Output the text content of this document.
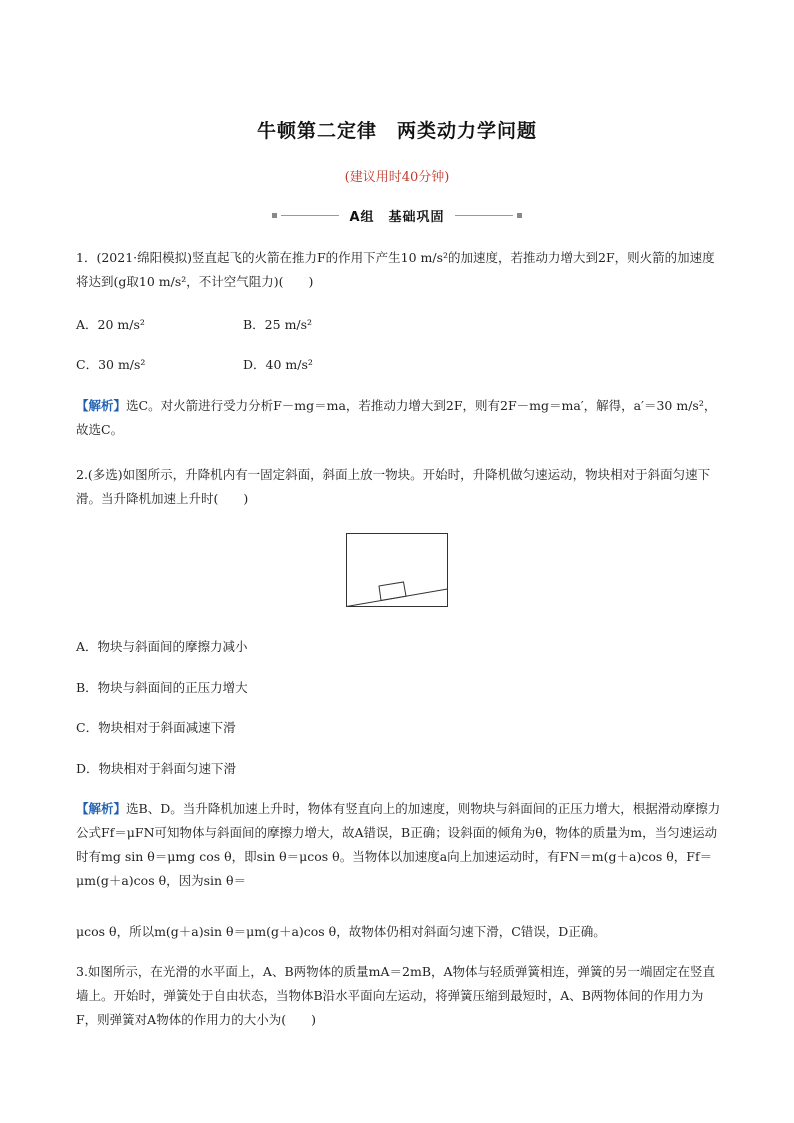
牛顿第二定律　两类动力学问题
(建议用时40分钟)
A组　基础巩固
1．(2021·绵阳模拟)竖直起飞的火箭在推力F的作用下产生10 m/s²的加速度，若推动力增大到2F，则火箭的加速度将达到(g取10 m/s²，不计空气阻力)(　　)
A．20 m/s²	B．25 m/s²
C．30 m/s²	D．40 m/s²
【解析】选C。对火箭进行受力分析F－mg＝ma，若推动力增大到2F，则有2F－mg＝ma′，解得，a′＝30 m/s²，故选C。
2.(多选)如图所示，升降机内有一固定斜面，斜面上放一物块。开始时，升降机做匀速运动，物块相对于斜面匀速下滑。当升降机加速上升时(　　)
A．物块与斜面间的摩擦力减小
B．物块与斜面间的正压力增大
C．物块相对于斜面减速下滑
D．物块相对于斜面匀速下滑
【解析】选B、D。当升降机加速上升时，物体有竖直向上的加速度，则物块与斜面间的正压力增大，根据滑动摩擦力公式Ff＝μFN可知物体与斜面间的摩擦力增大，故A错误，B正确；设斜面的倾角为θ，物体的质量为m，当匀速运动时有mg sin θ＝μmg cos θ，即sin θ＝μcos θ。当物体以加速度a向上加速运动时，有FN＝m(g＋a)cos θ，Ff＝μm(g＋a)cos θ，因为sin θ＝
μcos θ，所以m(g＋a)sin θ＝μm(g＋a)cos θ，故物体仍相对斜面匀速下滑，C错误，D正确。
3.如图所示，在光滑的水平面上，A、B两物体的质量mA＝2mB，A物体与轻质弹簧相连，弹簧的另一端固定在竖直墙上。开始时，弹簧处于自由状态，当物体B沿水平面向左运动，将弹簧压缩到最短时，A、B两物体间的作用力为F，则弹簧对A物体的作用力的大小为(　　)
